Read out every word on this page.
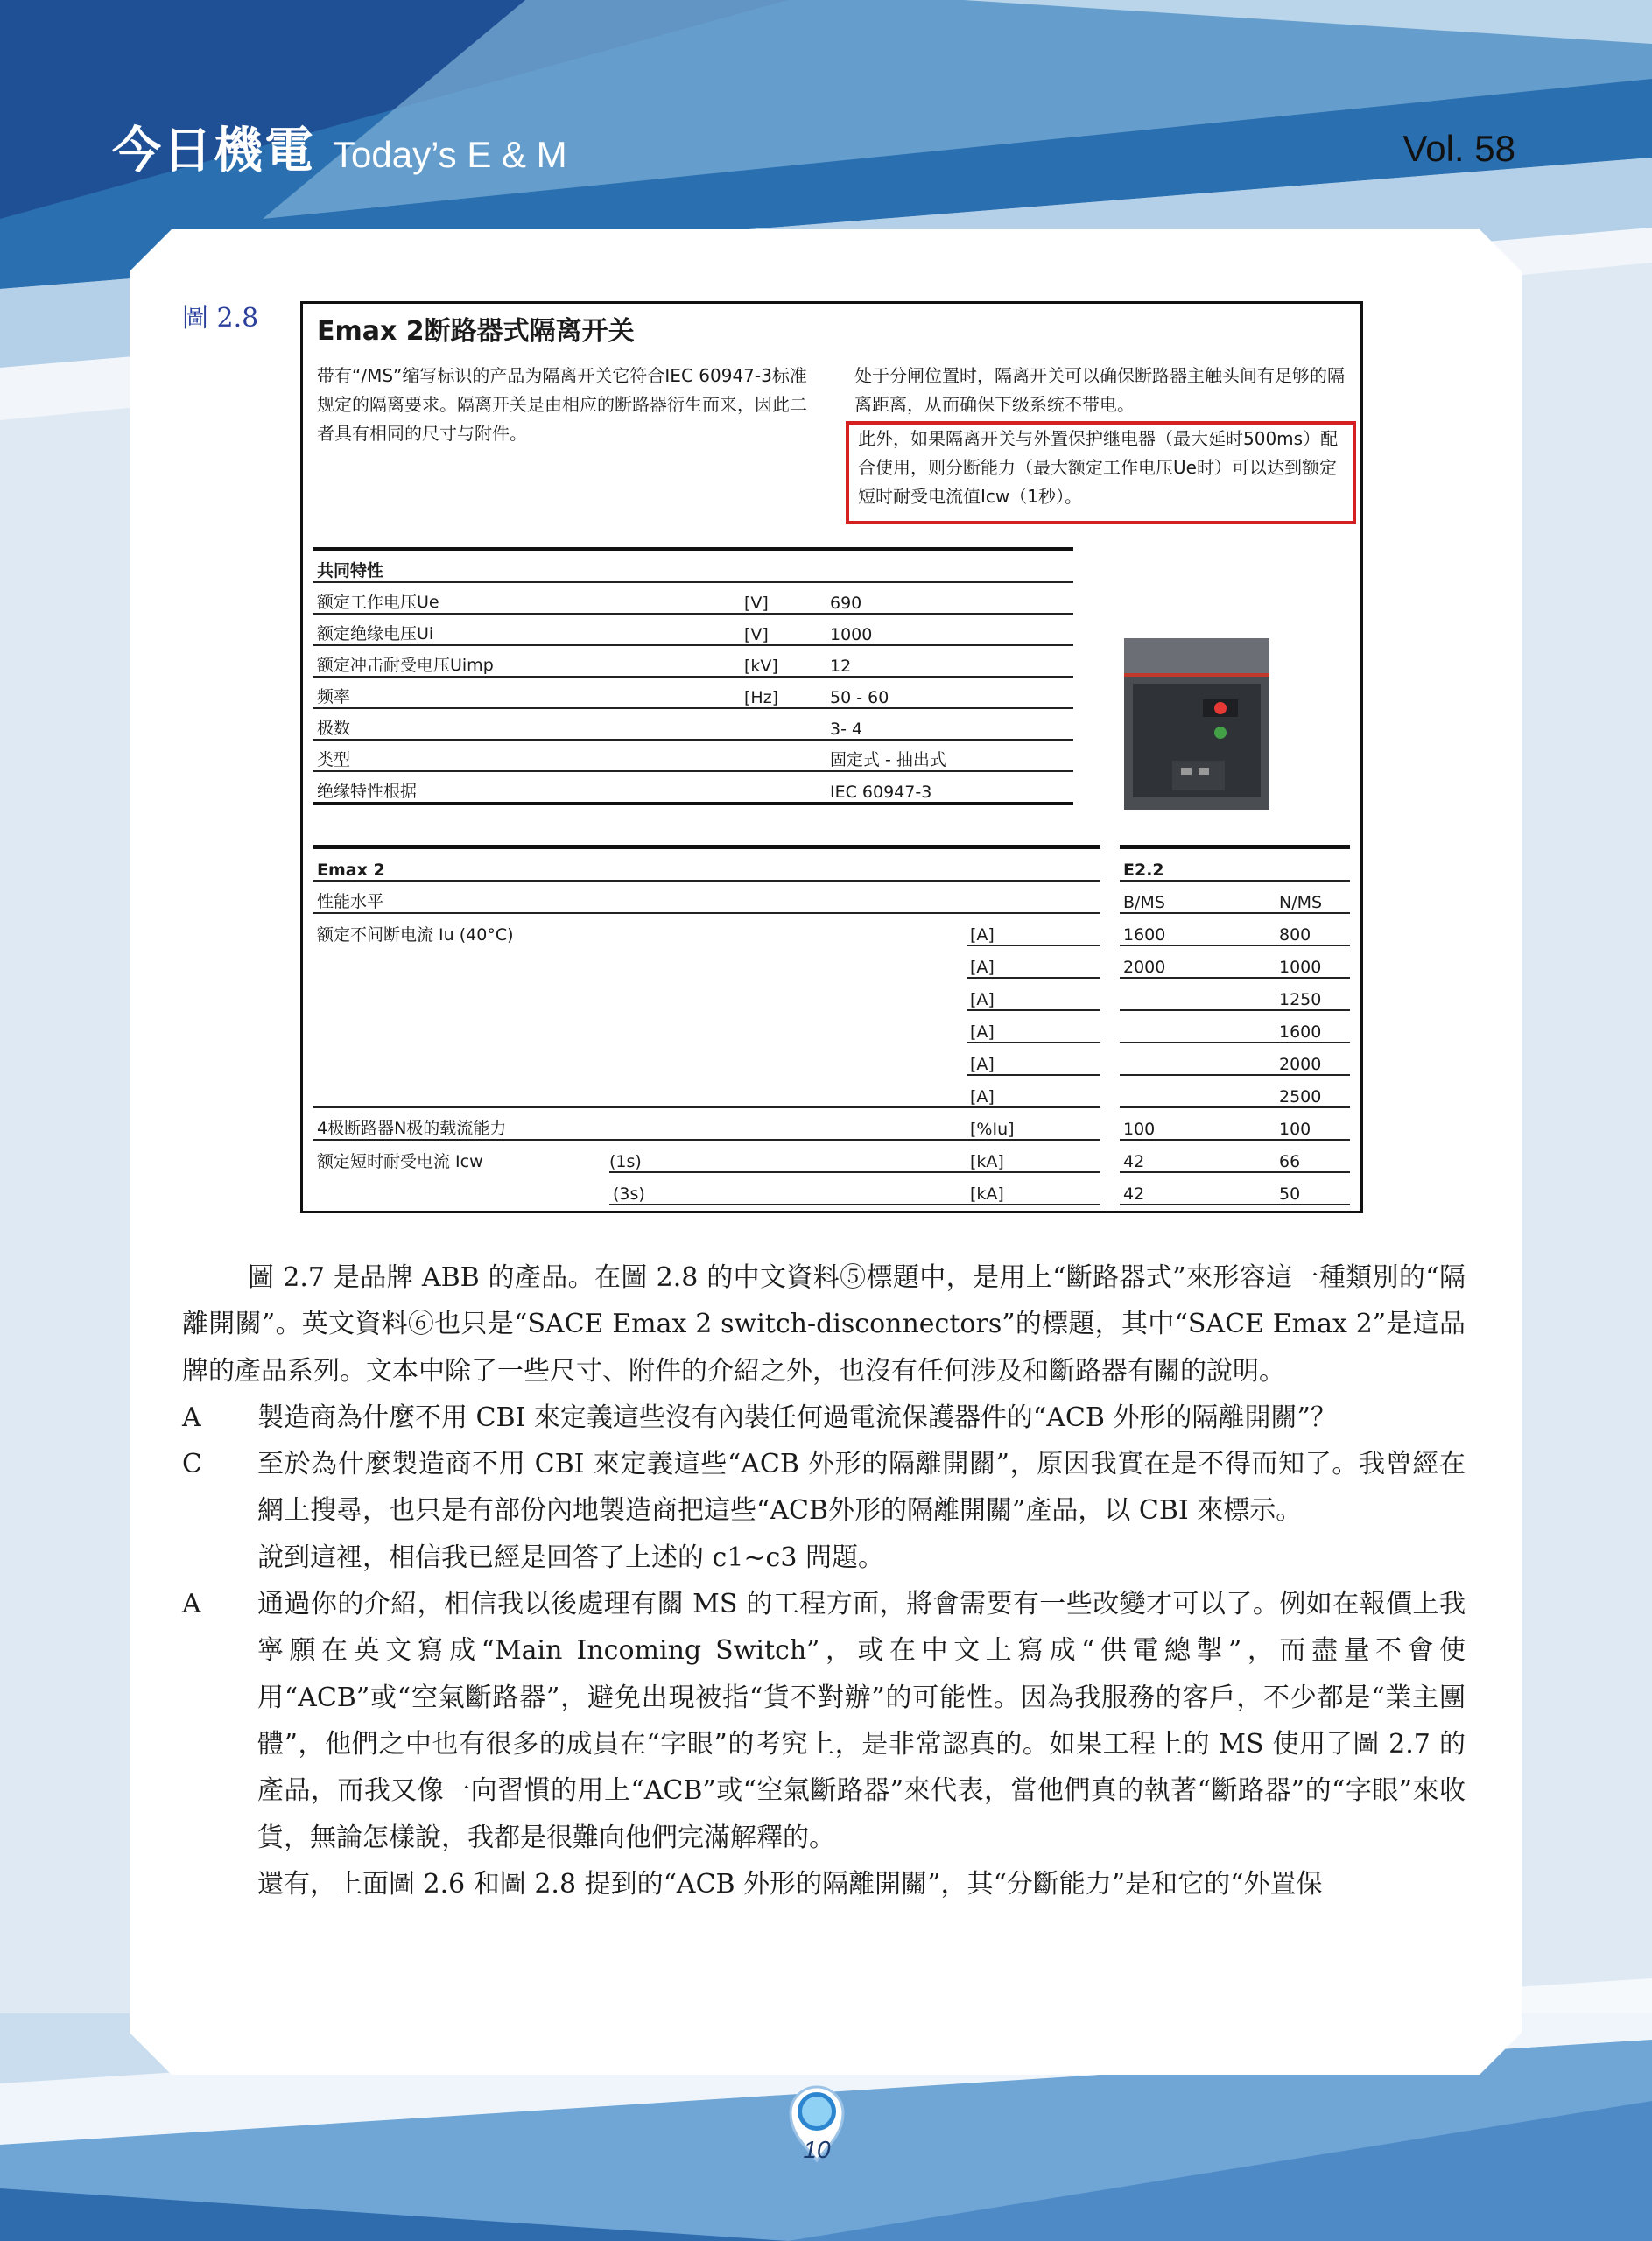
今日機電 Today’s E & M	Vol. 58
圖 2.8 Emax 2断路器式隔离开关
带有“/MS”缩写标识的产品为隔离开关它符合IEC 60947-3标准规定的隔离要求。隔离开关是由相应的断路器衍生而来，因此二者具有相同的尺寸与附件。
处于分闸位置时，隔离开关可以确保断路器主触头间有足够的隔离距离，从而确保下级系统不带电。
此外，如果隔离开关与外置保护继电器（最大延时500ms）配合使用，则分断能力（最大额定工作电压Ue时）可以达到额定短时耐受电流值Icw（1秒）。
共同特性		
额定工作电压Ue	[V]	690
额定绝缘电压Ui	[V]	1000
额定冲击耐受电压Uimp	[kV]	12
频率	[Hz]	50 - 60
极数		3- 4
类型		固定式 - 抽出式
绝缘特性根据		IEC 60947-3
Emax 2				E2.2	
性能水平				B/MS	N/MS
额定不间断电流 Iu (40°C)		[A]		1600	800
		[A]		2000	1000
		[A]			1250
		[A]			1600
		[A]			2000
		[A]			2500
4极断路器N极的载流能力		[%Iu]		100	100
额定短时耐受电流 Icw	(1s)	[kA]		42	66
	(3s)	[kA]		42	50

圖 2.7 是品牌 ABB 的產品。在圖 2.8 的中文資料⑤標題中，是用上“斷路器式”來形容這一種類別的“隔離開關”。英文資料⑥也只是“SACE Emax 2 switch-disconnectors”的標題，其中“SACE Emax 2”是這品牌的產品系列。文本中除了一些尺寸、附件的介紹之外，也沒有任何涉及和斷路器有關的說明。

A	製造商為什麼不用 CBI 來定義這些沒有內裝任何過電流保護器件的“ACB 外形的隔離開關”？
C	至於為什麼製造商不用 CBI 來定義這些“ACB 外形的隔離開關”，原因我實在是不得而知了。我曾經在網上搜尋，也只是有部份內地製造商把這些“ACB外形的隔離開關”產品，以 CBI 來標示。

說到這裡，相信我已經是回答了上述的 c1~c3 問題。

A	通過你的介紹，相信我以後處理有關 MS 的工程方面，將會需要有一些改變才可以了。例如在報價上我寧願在英文寫成“Main Incoming Switch”，或在中文上寫成“供電總掣”，而盡量不會使用“ACB”或“空氣斷路器”，避免出現被指“貨不對辦”的可能性。因為我服務的客戶，不少都是“業主團體”，他們之中也有很多的成員在“字眼”的考究上，是非常認真的。如果工程上的 MS 使用了圖 2.7 的產品，而我又像一向習慣的用上“ACB”或“空氣斷路器”來代表，當他們真的執著“斷路器”的“字眼”來收貨，無論怎樣說，我都是很難向他們完滿解釋的。

還有，上面圖 2.6 和圖 2.8 提到的“ACB 外形的隔離開關”，其“分斷能力”是和它的“外置保

10
